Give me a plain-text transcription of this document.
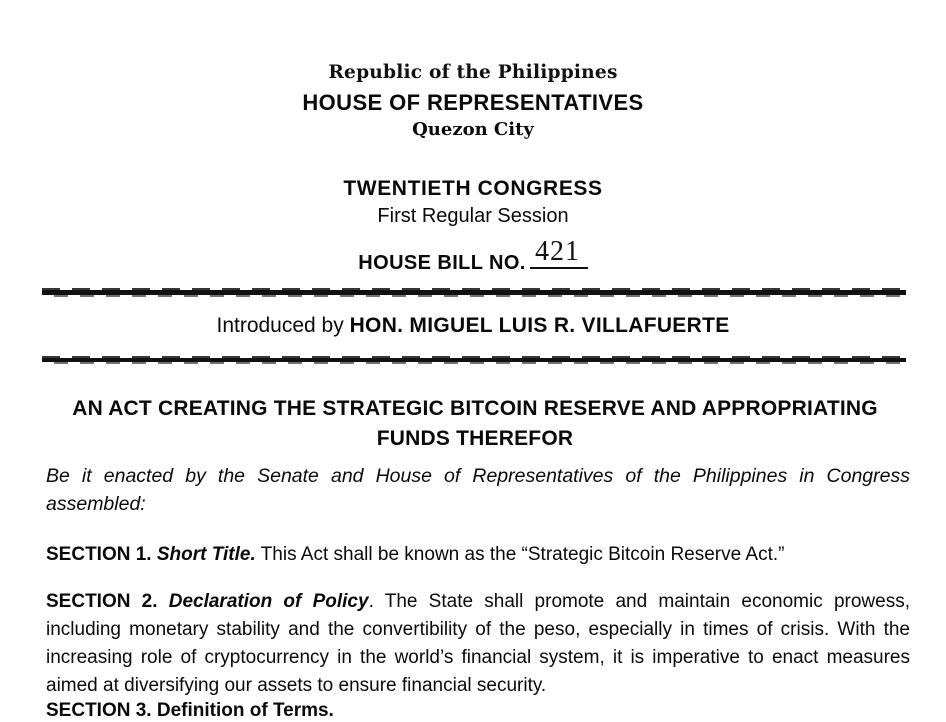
Republic of the Philippines
HOUSE OF REPRESENTATIVES
Quezon City
TWENTIETH CONGRESS
First Regular Session
HOUSE BILL NO. 421
Introduced by HON. MIGUEL LUIS R. VILLAFUERTE
AN ACT CREATING THE STRATEGIC BITCOIN RESERVE AND APPROPRIATING FUNDS THEREFOR

Be it enacted by the Senate and House of Representatives of the Philippines in Congress assembled:

SECTION 1. Short Title. This Act shall be known as the “Strategic Bitcoin Reserve Act.”

SECTION 2. Declaration of Policy. The State shall promote and maintain economic prowess, including monetary stability and the convertibility of the peso, especially in times of crisis. With the increasing role of cryptocurrency in the world’s financial system, it is imperative to enact measures aimed at diversifying our assets to ensure financial security.

SECTION 3. Definition of Terms.
